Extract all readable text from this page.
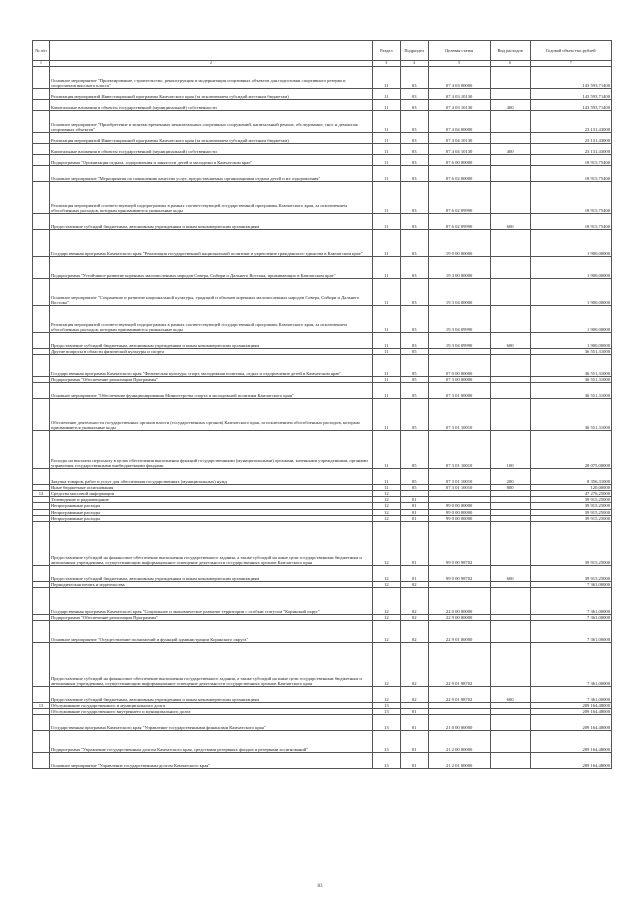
№ п/п		Раздел	Подраздел	Целевая статья	Вид расходов	Годовой объем тыс.рублей
1	2	3	4	5	6	7
	Основное мероприятие "Проектирование, строительство, реконструкция и модернизация спортивных объектов для подготовки спортивного резерва и спортсменов высокого класса"	11	03	07 4 03 00000		143 593,71400
	Реализация мероприятий Инвестиционной программы Камчатского края (за исключением субсидий местным бюджетам)	11	03	07 4 03 10130		143 593,71400
	Капитальные вложения в объекты государственной (муниципальной) собственности	11	03	07 4 03 10130	400	143 593,71400
	Основное мероприятие "Приобретение и монтаж временных некапитальных спортивных сооружений, капитальный ремонт, обследование, снос и демонтаж спортивных объектов"	11	03	07 4 04 00000		23 131,43000
	Реализация мероприятий Инвестиционной программы Камчатского края (за исключением субсидий местным бюджетам)	11	03	07 4 04 10130		23 131,43000
	Капитальные вложения в объекты государственной (муниципальной) собственности	11	03	07 4 04 10130	400	23 131,43000
	Подпрограмма "Организация отдыха, оздоровления и занятости детей и молодежи в Камчатском крае"	11	03	07 6 00 00000		18 915,75400
	Основное мероприятие "Мероприятия по повышению качества услуг, предоставляемых организациями отдыха детей и их оздоровления"	11	03	07 6 02 00000		18 915,75400
	Реализация мероприятий соответствующей подпрограммы в рамках соответствующей государственной программы Камчатского края, за исключением обособленных расходов, которым присваиваются уникальные коды	11	03	07 6 02 09990		18 915,75400
	Предоставление субсидий бюджетным, автономным учреждениям и иным некоммерческим организациям	11	03	07 6 02 09990	600	18 915,75400
	Государственная программа Камчатского края "Реализация государственной национальной политики и укрепление гражданского единства в Камчатском крае"	11	03	19 0 00 00000		1 900,00000
	Подпрограмма "Устойчивое развитие коренных малочисленных народов Севера, Сибири и Дальнего Востока, проживающих в Камчатском крае"	11	03	19 3 00 00000		1 900,00000
	Основное мероприятие "Сохранение и развитие национальной культуры, традиций и обычаев коренных малочисленных народов Севера, Сибири и Дальнего Востока"	11	03	19 3 04 00000		1 900,00000
	Реализация мероприятий соответствующей подпрограммы в рамках соответствующей государственной программы Камчатского края, за исключением обособленных расходов, которым присваиваются уникальные коды	11	03	19 3 04 09990		1 900,00000
	Предоставление субсидий бюджетным, автономным учреждениям и иным некоммерческим организациям	11	03	19 3 04 09990	600	1 900,00000
	Другие вопросы в области физической культуры и спорта	11	05			36 551,31000
	Государственная программа Камчатского края "Физическая культура, спорт, молодежная политика, отдых и оздоровление детей в Камчатском крае"	11	05	07 0 00 00000		36 551,31000
	Подпрограмма "Обеспечение реализации Программы"	11	05	07 3 00 00000		36 551,31000
	Основное мероприятие "Обеспечение функционирования Министерства спорта и молодежной политики Камчатского края"	11	05	07 3 01 00000		36 551,31000
	Обеспечение деятельности государственных органов власти (государственных органов) Камчатского края, за исключением обособленных расходов, которым присваиваются уникальные коды	11	05	07 3 01 10010		36 551,31000
	Расходы на выплаты персоналу в целях обеспечения выполнения функций государственными (муниципальными) органами, казенными учреждениями, органами управления государственными внебюджетными фондами	11	05	07 3 01 10010	100	28 075,00000
	Закупка товаров, работ и услуг для обеспечения государственных (муниципальных) нужд	11	05	07 3 01 10010	200	8 356,31000
	Иные бюджетные ассигнования	11	05	07 3 01 10010	800	120,00000
12	Средства массовой информации	12				47 276,25000
	Телевидение и радиовещание	12	01			39 915,25000
	Непрограммные расходы	12	01	99 0 00 00000		39 915,25000
	Непрограммные расходы	12	01	99 0 00 00000		39 915,25000
	Непрограммные расходы	12	01	99 0 00 00000		39 915,25000
	Предоставление субсидий на финансовое обеспечение выполнения государственного задания, а также субсидий на иные цели государственным бюджетным и автономным учреждениям, осуществляющим информационное освещение деятельности государственных органов Камчатского края	12	01	99 0 00 98702		39 915,25000
	Предоставление субсидий бюджетным, автономным учреждениям и иным некоммерческим организациям	12	01	99 0 00 98702	600	39 915,25000
	Периодическая печать и издательства	12	02			7 361,00000
	Государственная программа Камчатского края "Социальное и экономическое развитие территории с особым статусом "Корякский округ"	12	02	22 0 00 00000		7 361,00000
	Подпрограмма "Обеспечение реализации Программы"	12	02	22 9 00 00000		7 361,00000
	Основное мероприятие "Осуществление полномочий и функций администрации Корякского округа"	12	02	22 9 01 00000		7 361,00000
	Предоставление субсидий на финансовое обеспечение выполнения государственного задания, а также субсидий на иные цели государственным бюджетным и автономным учреждениям, осуществляющим информационное освещение деятельности государственных органов Камчатского края	12	02	22 9 01 98702		7 361,00000
	Предоставление субсидий бюджетным, автономным учреждениям и иным некоммерческим организациям	12	02	22 9 01 98702	600	7 361,00000
13	Обслуживание государственного и муниципального долга	13				209 164,48000
	Обслуживание государственного внутреннего и муниципального долга	13	01			209 164,48000
	Государственная программа Камчатского края "Управление государственными финансами Камчатского края"	13	01	21 0 00 00000		209 164,48000
	Подпрограмма "Управление государственным долгом Камчатского края, средствами резервных фондов и резервами ассигнований"	13	01	21 2 00 00000		209 164,48000
	Основное мероприятие "Управление государственным долгом Камчатского края"	13	01	21 2 01 00000		209 164,48000
83
